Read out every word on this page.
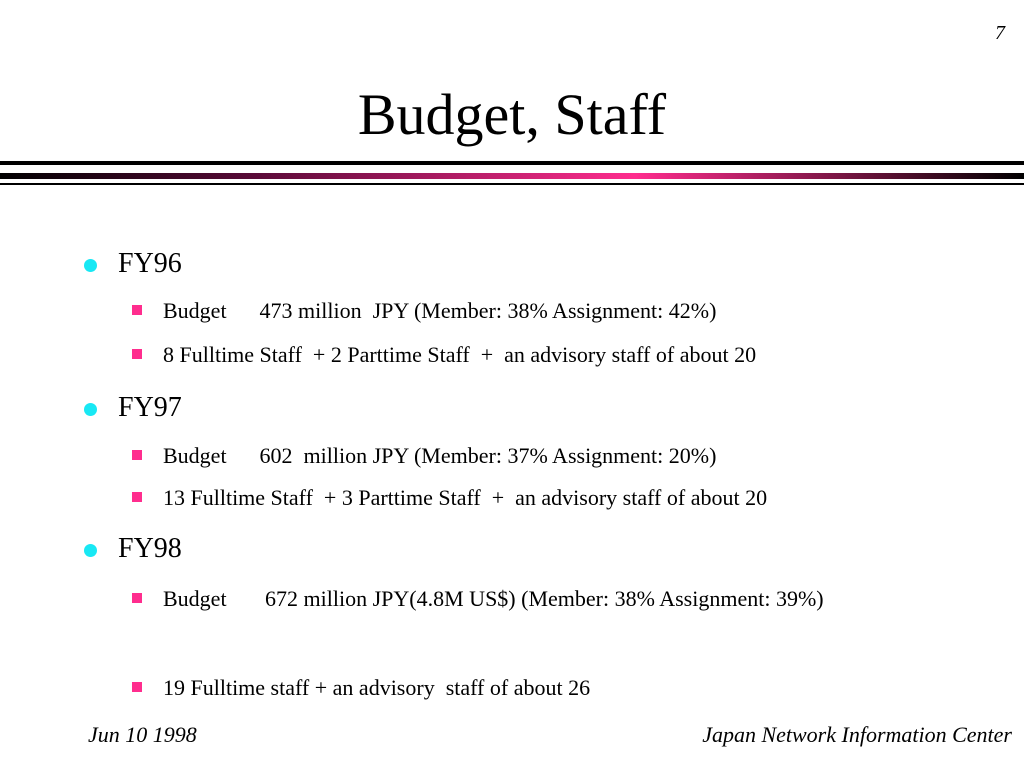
7
Budget, Staff
FY96
Budget      473 million  JPY (Member: 38% Assignment: 42%)
8 Fulltime Staff  + 2 Parttime Staff  +  an advisory staff of about 20
FY97
Budget      602  million JPY (Member: 37% Assignment: 20%)
13 Fulltime Staff  + 3 Parttime Staff  +  an advisory staff of about 20
FY98
Budget       672 million JPY(4.8M US$) (Member: 38% Assignment: 39%)
19 Fulltime staff + an advisory  staff of about 26
Jun 10 1998	Japan Network Information Center
